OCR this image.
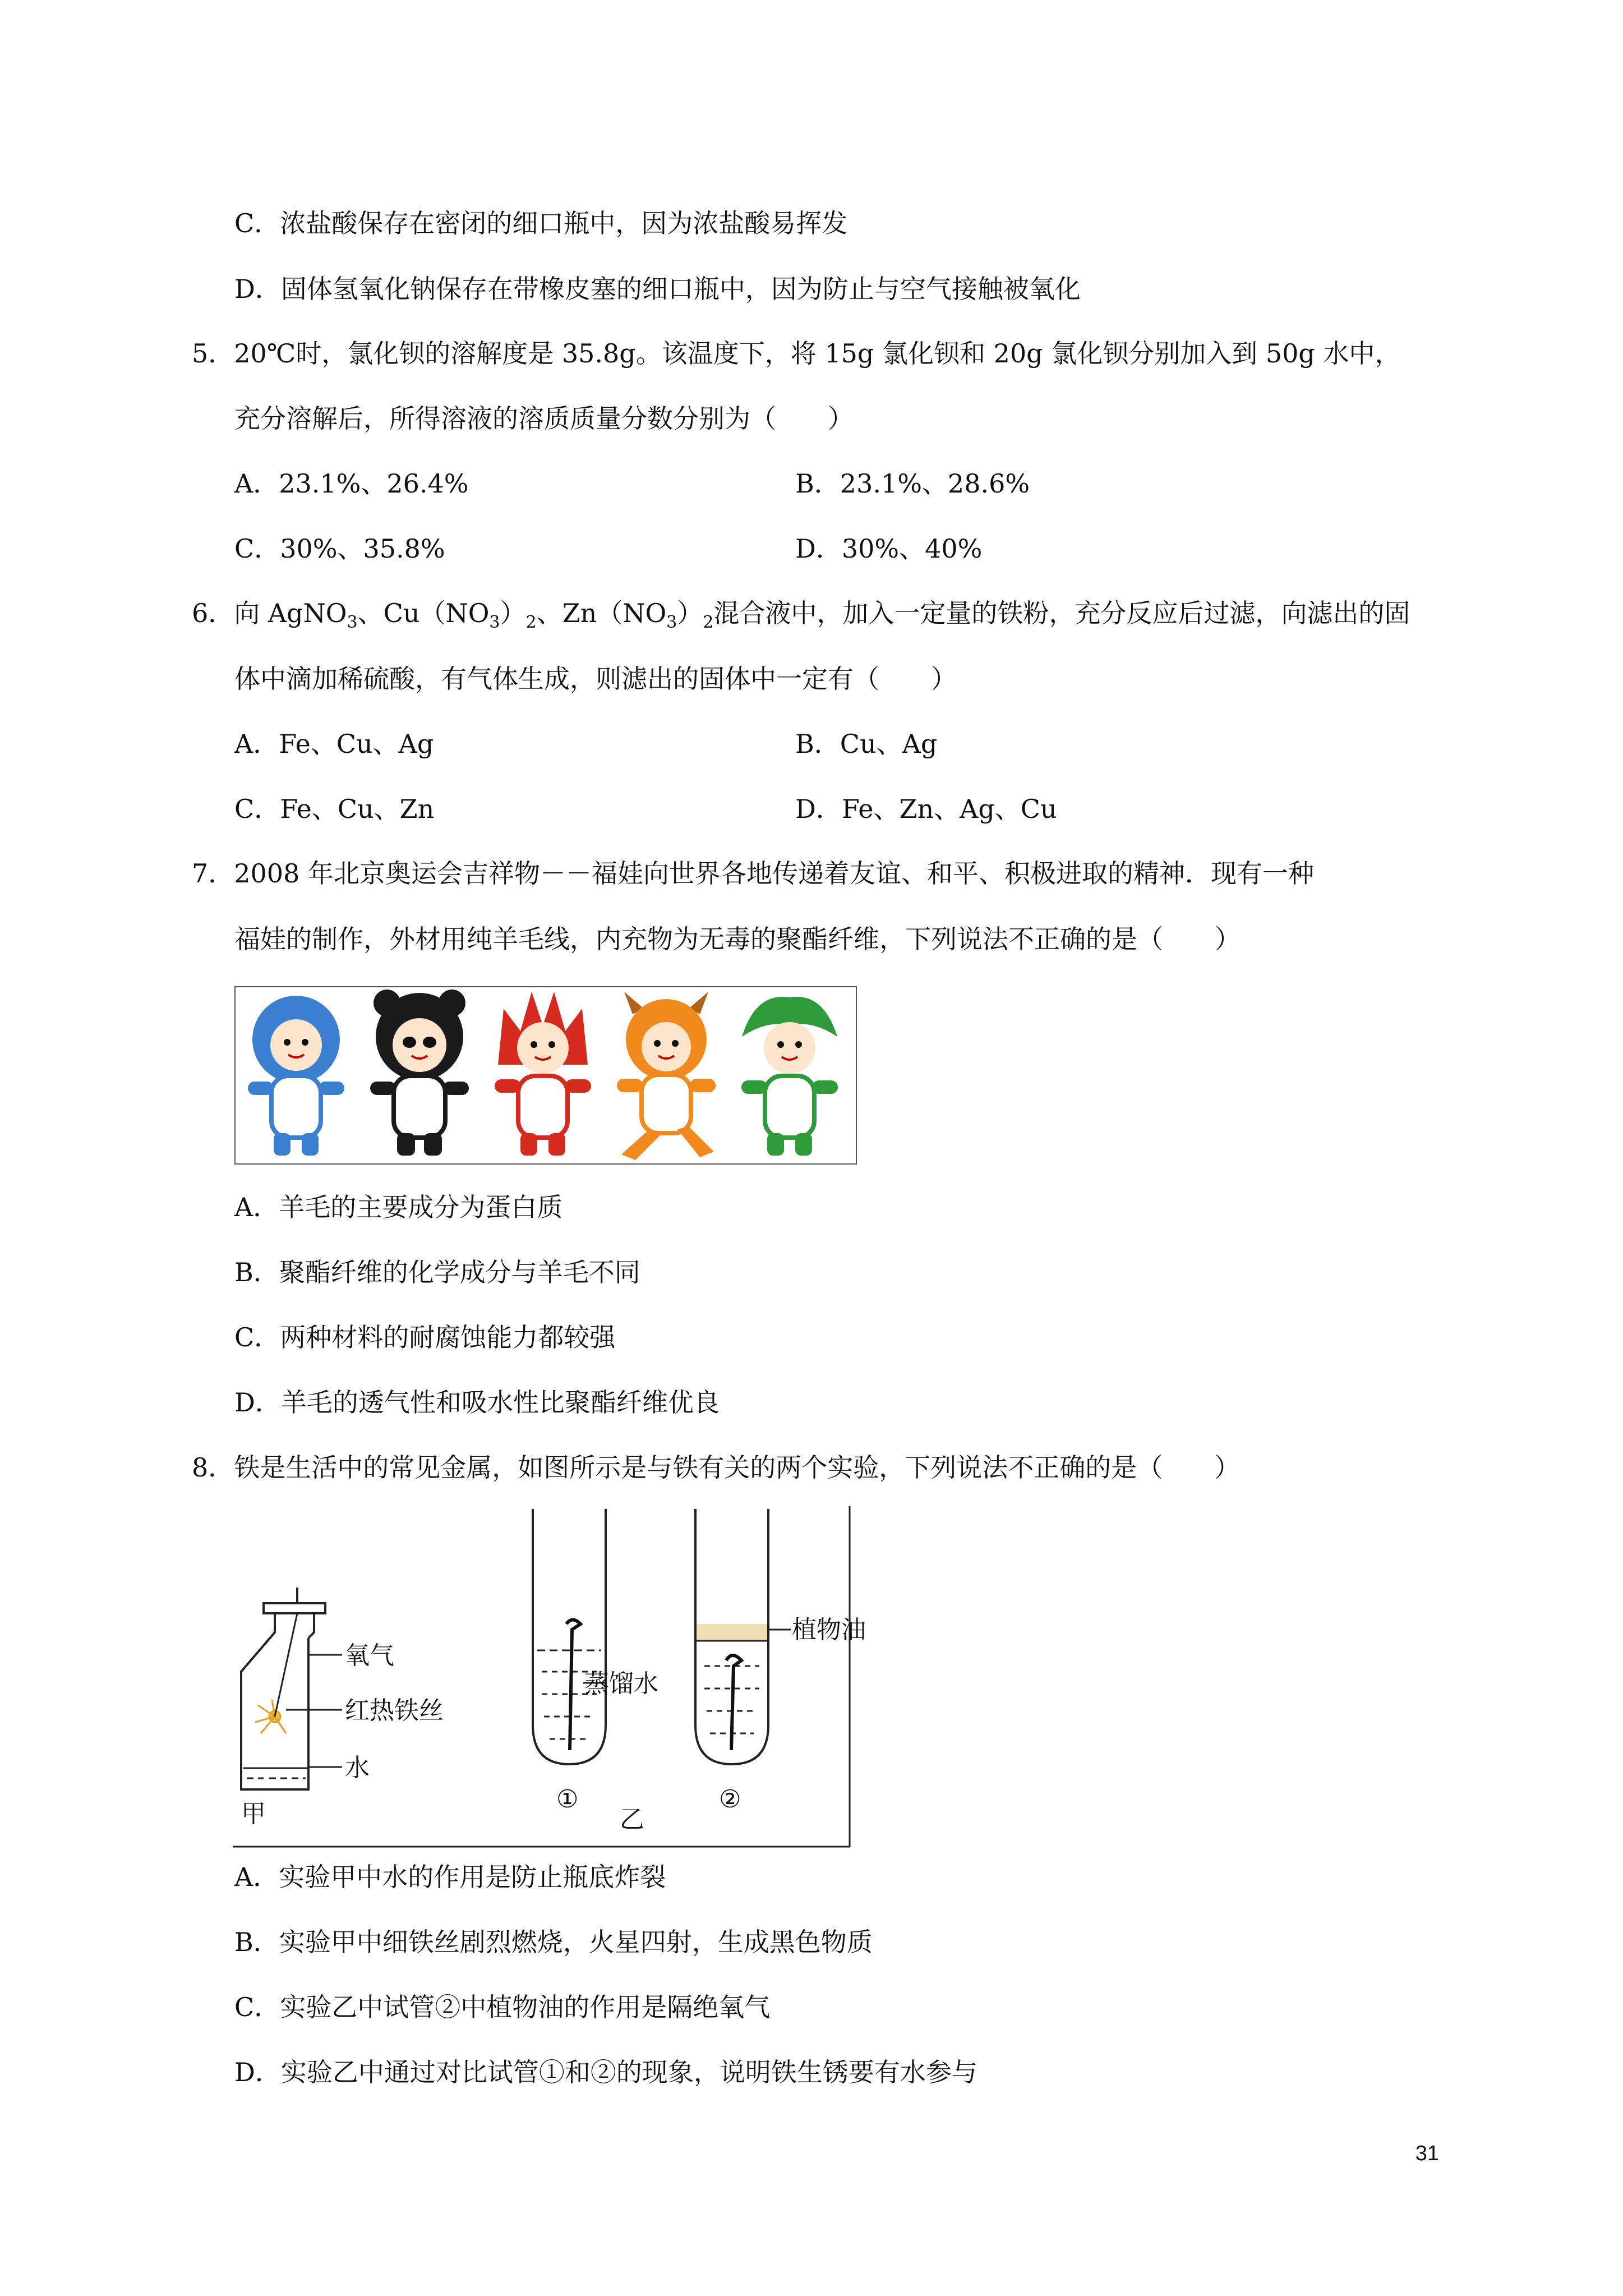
C．浓盐酸保存在密闭的细口瓶中，因为浓盐酸易挥发
D．固体氢氧化钠保存在带橡皮塞的细口瓶中，因为防止与空气接触被氧化
5．20℃时，氯化钡的溶解度是 35.8g。该温度下，将 15g 氯化钡和 20g 氯化钡分别加入到 50g 水中，
充分溶解后，所得溶液的溶质质量分数分别为（　　）
A．23.1%、26.4%	B．23.1%、28.6%
C．30%、35.8%	D．30%、40%
6．向 AgNO$_3$、$Cu(NO_3)_2$、$Zn(NO_3)_2$混合液中，加入一定量的铁粉，充分反应后过滤，向滤出的固
体中滴加稀硫酸，有气体生成，则滤出的固体中一定有（　　）
A．Fe、Cu、Ag	B．Cu、Ag
C．Fe、Cu、Zn	D．Fe、Zn、Ag、Cu
7．2008 年北京奥运会吉祥物－－福娃向世界各地传递着友谊、和平、积极进取的精神．现有一种
福娃的制作，外材用纯羊毛线，内充物为无毒的聚酯纤维，下列说法不正确的是（　　）
A．羊毛的主要成分为蛋白质
B．聚酯纤维的化学成分与羊毛不同
C．两种材料的耐腐蚀能力都较强
D．羊毛的透气性和吸水性比聚酯纤维优良
8．铁是生活中的常见金属，如图所示是与铁有关的两个实验，下列说法不正确的是（　　）
氧气
红热铁丝
水
甲
蒸馏水
①
植物油
②
乙
A．实验甲中水的作用是防止瓶底炸裂
B．实验甲中细铁丝剧烈燃烧，火星四射，生成黑色物质
C．实验乙中试管②中植物油的作用是隔绝氧气
D．实验乙中通过对比试管①和②的现象，说明铁生锈要有水参与
31
